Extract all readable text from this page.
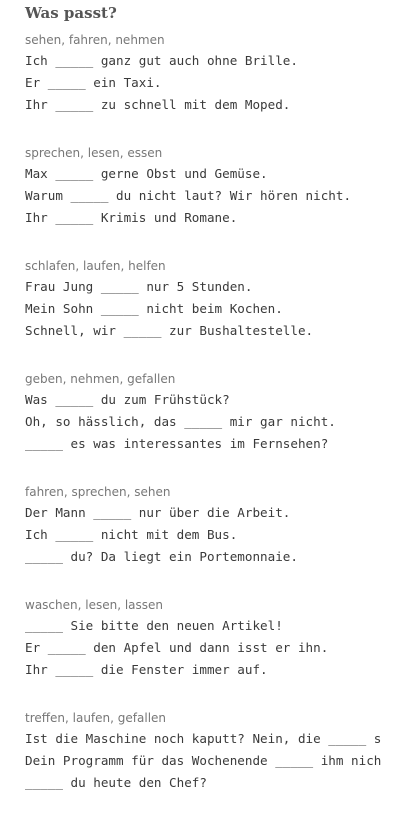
Was passt?
sehen, fahren, nehmen
Ich _____ ganz gut auch ohne Brille.
Er _____ ein Taxi.
Ihr _____ zu schnell mit dem Moped.
sprechen, lesen, essen
Max _____ gerne Obst und Gemüse.
Warum _____ du nicht laut? Wir hören nicht.
Ihr _____ Krimis und Romane.
schlafen, laufen, helfen
Frau Jung _____ nur 5 Stunden.
Mein Sohn _____ nicht beim Kochen.
Schnell, wir _____ zur Bushaltestelle.
geben, nehmen, gefallen
Was _____ du zum Frühstück?
Oh, so hässlich, das _____ mir gar nicht.
_____ es was interessantes im Fernsehen?
fahren, sprechen, sehen
Der Mann _____ nur über die Arbeit.
Ich _____ nicht mit dem Bus.
_____ du? Da liegt ein Portemonnaie.
waschen, lesen, lassen
_____ Sie bitte den neuen Artikel!
Er _____ den Apfel und dann isst er ihn.
Ihr _____ die Fenster immer auf.
treffen, laufen, gefallen
Ist die Maschine noch kaputt? Nein, die _____ s
Dein Programm für das Wochenende _____ ihm nich
_____ du heute den Chef?
